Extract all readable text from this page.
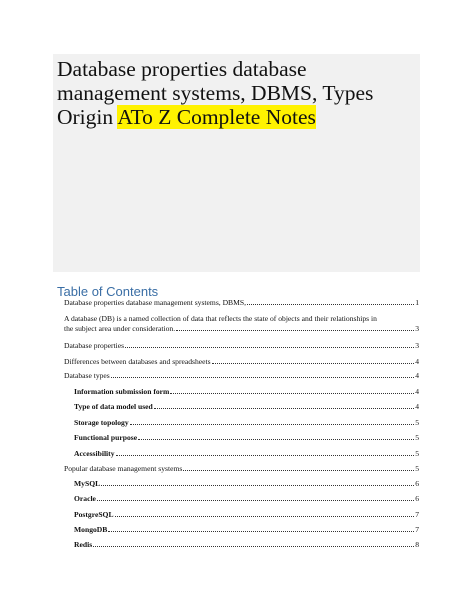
Database properties database management systems, DBMS, Types Origin ATo Z Complete Notes
Table of Contents
Database properties database management systems, DBMS,	1
A database (DB) is a named collection of data that reflects the state of objects and their relationships in
the subject area under consideration.	3
Database properties	3
Differences between databases and spreadsheets	4
Database types	4
Information submission form	4
Type of data model used	4
Storage topology	5
Functional purpose	5
Accessibility	5
Popular database management systems	5
MySQL	6
Oracle	6
PostgreSQL	7
MongoDB	7
Redis	8
